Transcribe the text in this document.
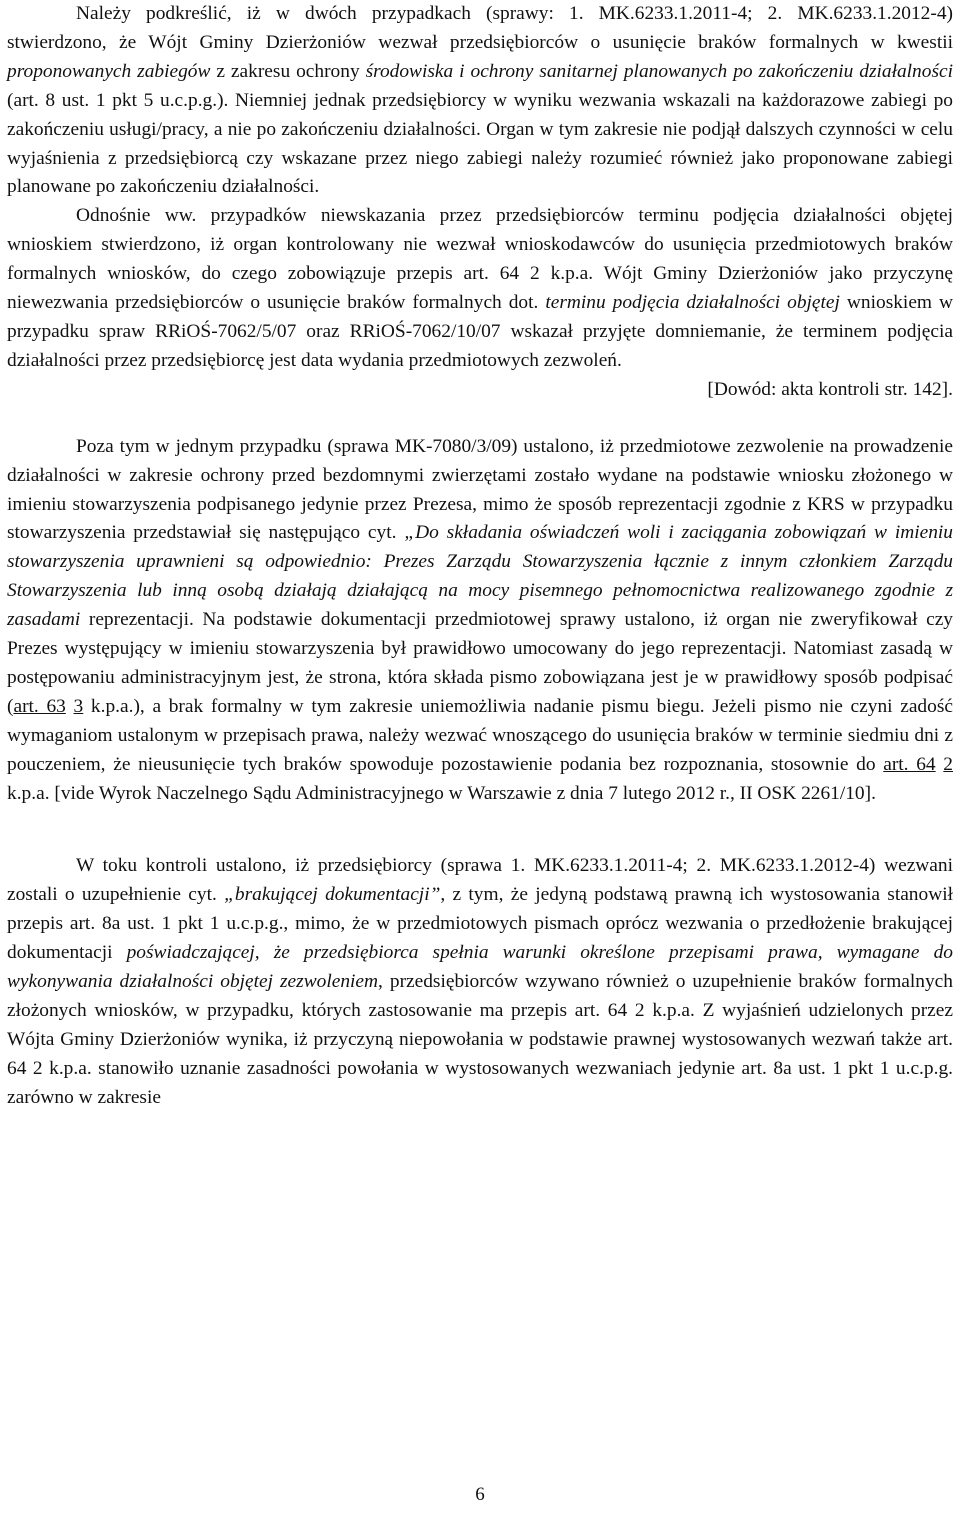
Należy podkreślić, iż w dwóch przypadkach (sprawy: 1. MK.6233.1.2011-4; 2. MK.6233.1.2012-4) stwierdzono, że Wójt Gminy Dzierżoniów wezwał przedsiębiorców o usunięcie braków formalnych w kwestii proponowanych zabiegów z zakresu ochrony środowiska i ochrony sanitarnej planowanych po zakończeniu działalności (art. 8 ust. 1 pkt 5 u.c.p.g.). Niemniej jednak przedsiębiorcy w wyniku wezwania wskazali na każdorazowe zabiegi po zakończeniu usługi/pracy, a nie po zakończeniu działalności. Organ w tym zakresie nie podjął dalszych czynności w celu wyjaśnienia z przedsiębiorcą czy wskazane przez niego zabiegi należy rozumieć również jako proponowane zabiegi planowane po zakończeniu działalności.

Odnośnie ww. przypadków niewskazania przez przedsiębiorców terminu podjęcia działalności objętej wnioskiem stwierdzono, iż organ kontrolowany nie wezwał wnioskodawców do usunięcia przedmiotowych braków formalnych wniosków, do czego zobowiązuje przepis art. 64 2 k.p.a. Wójt Gminy Dzierżoniów jako przyczynę niewezwania przedsiębiorców o usunięcie braków formalnych dot. terminu podjęcia działalności objętej wnioskiem w przypadku spraw RRiOŚ-7062/5/07 oraz RRiOŚ-7062/10/07 wskazał przyjęte domniemanie, że terminem podjęcia działalności przez przedsiębiorcę jest data wydania przedmiotowych zezwoleń.

[Dowód: akta kontroli str. 142].

Poza tym w jednym przypadku (sprawa MK-7080/3/09) ustalono, iż przedmiotowe zezwolenie na prowadzenie działalności w zakresie ochrony przed bezdomnymi zwierzętami zostało wydane na podstawie wniosku złożonego w imieniu stowarzyszenia podpisanego jedynie przez Prezesa, mimo że sposób reprezentacji zgodnie z KRS w przypadku stowarzyszenia przedstawiał się następująco cyt. „Do składania oświadczeń woli i zaciągania zobowiązań w imieniu stowarzyszenia uprawnieni są odpowiednio: Prezes Zarządu Stowarzyszenia łącznie z innym członkiem Zarządu Stowarzyszenia lub inną osobą działają działającą na mocy pisemnego pełnomocnictwa realizowanego zgodnie z zasadami reprezentacji. Na podstawie dokumentacji przedmiotowej sprawy ustalono, iż organ nie zweryfikował czy Prezes występujący w imieniu stowarzyszenia był prawidłowo umocowany do jego reprezentacji. Natomiast zasadą w postępowaniu administracyjnym jest, że strona, która składa pismo zobowiązana jest je w prawidłowy sposób podpisać (art. 63 3 k.p.a.), a brak formalny w tym zakresie uniemożliwia nadanie pismu biegu. Jeżeli pismo nie czyni zadość wymaganiom ustalonym w przepisach prawa, należy wezwać wnoszącego do usunięcia braków w terminie siedmiu dni z pouczeniem, że nieusunięcie tych braków spowoduje pozostawienie podania bez rozpoznania, stosownie do art. 64 2 k.p.a. [vide Wyrok Naczelnego Sądu Administracyjnego w Warszawie z dnia 7 lutego 2012 r., II OSK 2261/10].

W toku kontroli ustalono, iż przedsiębiorcy (sprawa 1. MK.6233.1.2011-4; 2. MK.6233.1.2012-4) wezwani zostali o uzupełnienie cyt. „brakującej dokumentacji”, z tym, że jedyną podstawą prawną ich wystosowania stanowił przepis art. 8a ust. 1 pkt 1 u.c.p.g., mimo, że w przedmiotowych pismach oprócz wezwania o przedłożenie brakującej dokumentacji poświadczającej, że przedsiębiorca spełnia warunki określone przepisami prawa, wymagane do wykonywania działalności objętej zezwoleniem, przedsiębiorców wzywano również o uzupełnienie braków formalnych złożonych wniosków, w przypadku, których zastosowanie ma przepis art. 64 2 k.p.a. Z wyjaśnień udzielonych przez Wójta Gminy Dzierżoniów wynika, iż przyczyną niepowołania w podstawie prawnej wystosowanych wezwań także art. 64 2 k.p.a. stanowiło uznanie zasadności powołania w wystosowanych wezwaniach jedynie art. 8a ust. 1 pkt 1 u.c.p.g. zarówno w zakresie

6
